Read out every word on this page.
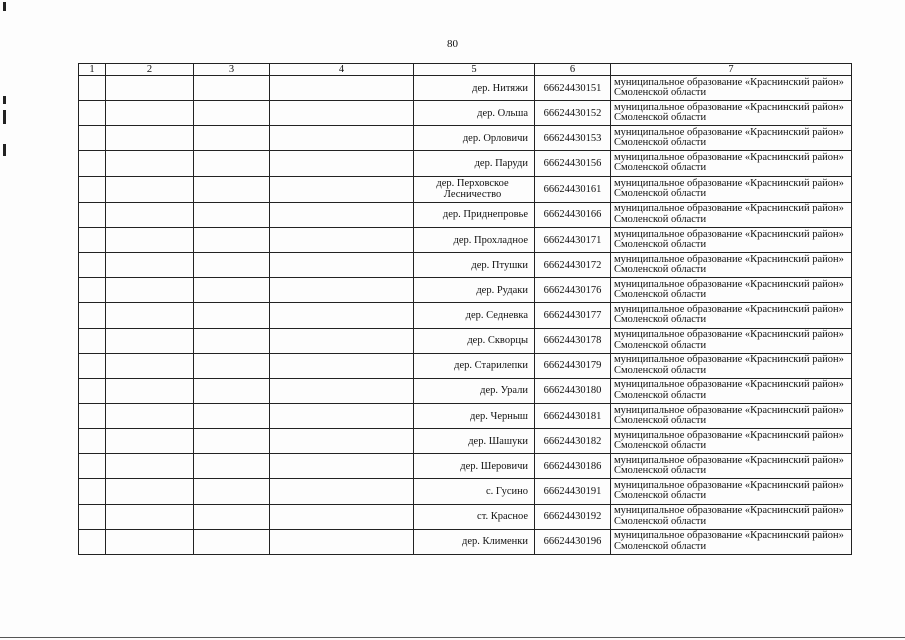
80
1	2	3	4	5	6	7
				дер. Нитяжи	66624430151	муниципальное образование «Краснинский район»
Смоленской области

				дер. Ольша	66624430152	муниципальное образование «Краснинский район»
Смоленской области

				дер. Орловичи	66624430153	муниципальное образование «Краснинский район»
Смоленской области

				дер. Паруди	66624430156	муниципальное образование «Краснинский район»
Смоленской области

				дер. Перховское Лесничество	66624430161	муниципальное образование «Краснинский район»
Смоленской области

				дер. Приднепровье	66624430166	муниципальное образование «Краснинский район»
Смоленской области

				дер. Прохладное	66624430171	муниципальное образование «Краснинский район»
Смоленской области

				дер. Птушки	66624430172	муниципальное образование «Краснинский район»
Смоленской области

				дер. Рудаки	66624430176	муниципальное образование «Краснинский район»
Смоленской области

				дер. Седневка	66624430177	муниципальное образование «Краснинский район»
Смоленской области

				дер. Скворцы	66624430178	муниципальное образование «Краснинский район»
Смоленской области

				дер. Старилепки	66624430179	муниципальное образование «Краснинский район»
Смоленской области

				дер. Урали	66624430180	муниципальное образование «Краснинский район»
Смоленской области

				дер. Черныш	66624430181	муниципальное образование «Краснинский район»
Смоленской области

				дер. Шашуки	66624430182	муниципальное образование «Краснинский район»
Смоленской области

				дер. Шеровичи	66624430186	муниципальное образование «Краснинский район»
Смоленской области

				с. Гусино	66624430191	муниципальное образование «Краснинский район»
Смоленской области

				ст. Красное	66624430192	муниципальное образование «Краснинский район»
Смоленской области

				дер. Клименки	66624430196	муниципальное образование «Краснинский район»
Смоленской области
